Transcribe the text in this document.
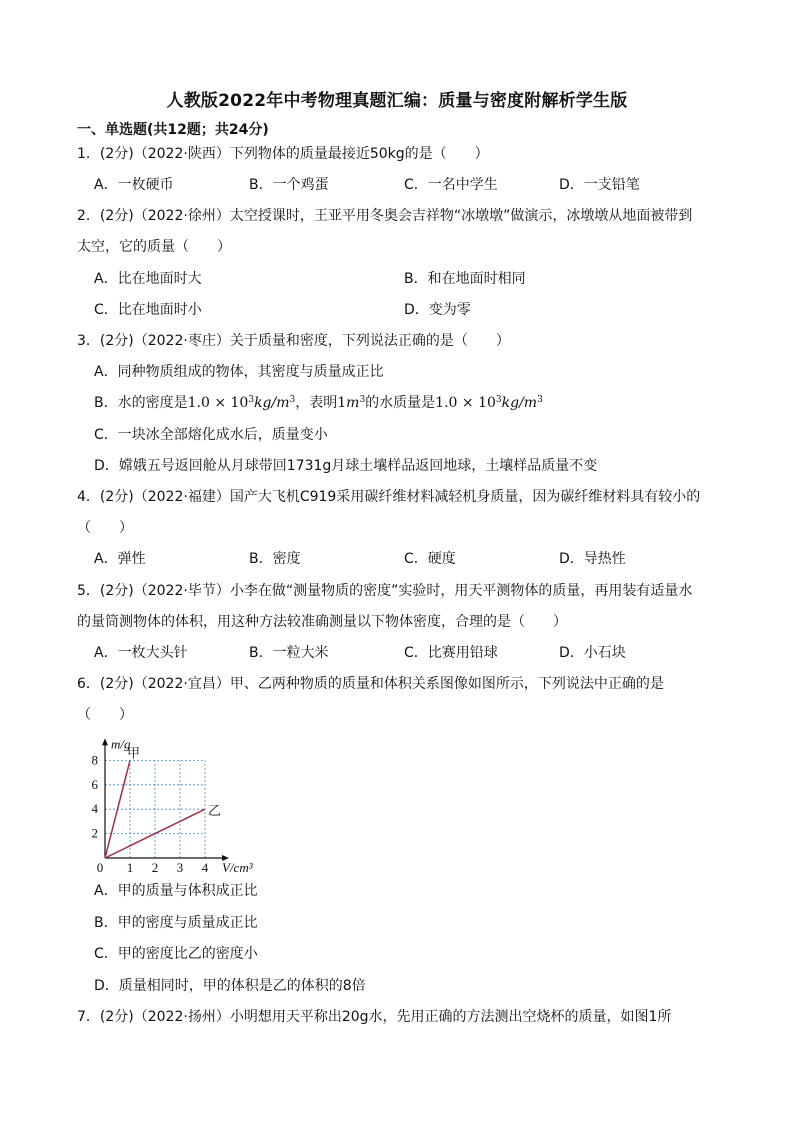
人教版2022年中考物理真题汇编：质量与密度附解析学生版
一、单选题(共12题；共24分)
1．(2分)（2022·陕西）下列物体的质量最接近50kg的是（　　）
A．一枚硬币	B．一个鸡蛋	C．一名中学生	D．一支铅笔
2．(2分)（2022·徐州）太空授课时，王亚平用冬奥会吉祥物“冰墩墩”做演示，冰墩墩从地面被带到
太空，它的质量（　　）
A．比在地面时大	B．和在地面时相同
C．比在地面时小	D．变为零
3．(2分)（2022·枣庄）关于质量和密度，下列说法正确的是（　　）
A．同种物质组成的物体，其密度与质量成正比
B．水的密度是$1.0 \times 10^3kg/m^3$，表明$1m^3$的水质量是$1.0 \times 10^3kg/m^3$
C．一块冰全部熔化成水后，质量变小
D．嫦娥五号返回舱从月球带回1731g月球土壤样品返回地球，土壤样品质量不变
4．(2分)（2022·福建）国产大飞机C919采用碳纤维材料减轻机身质量，因为碳纤维材料具有较小的
（　　）
A．弹性	B．密度	C．硬度	D．导热性
5．(2分)（2022·毕节）小李在做“测量物质的密度”实验时，用天平测物体的质量，再用装有适量水
的量筒测物体的体积，用这种方法较准确测量以下物体密度，合理的是（　　）
A．一枚大头针	B．一粒大米	C．比赛用铅球	D．小石块
6．(2分)（2022·宜昌）甲、乙两种物质的质量和体积关系图像如图所示，下列说法中正确的是
（　　）
0 1 2 3 4
2
4
6
8
V/cm³
m/g
甲
乙
A．甲的质量与体积成正比
B．甲的密度与质量成正比
C．甲的密度比乙的密度小
D．质量相同时，甲的体积是乙的体积的8倍
7．(2分)（2022·扬州）小明想用天平称出20g水，先用正确的方法测出空烧杯的质量，如图1所
